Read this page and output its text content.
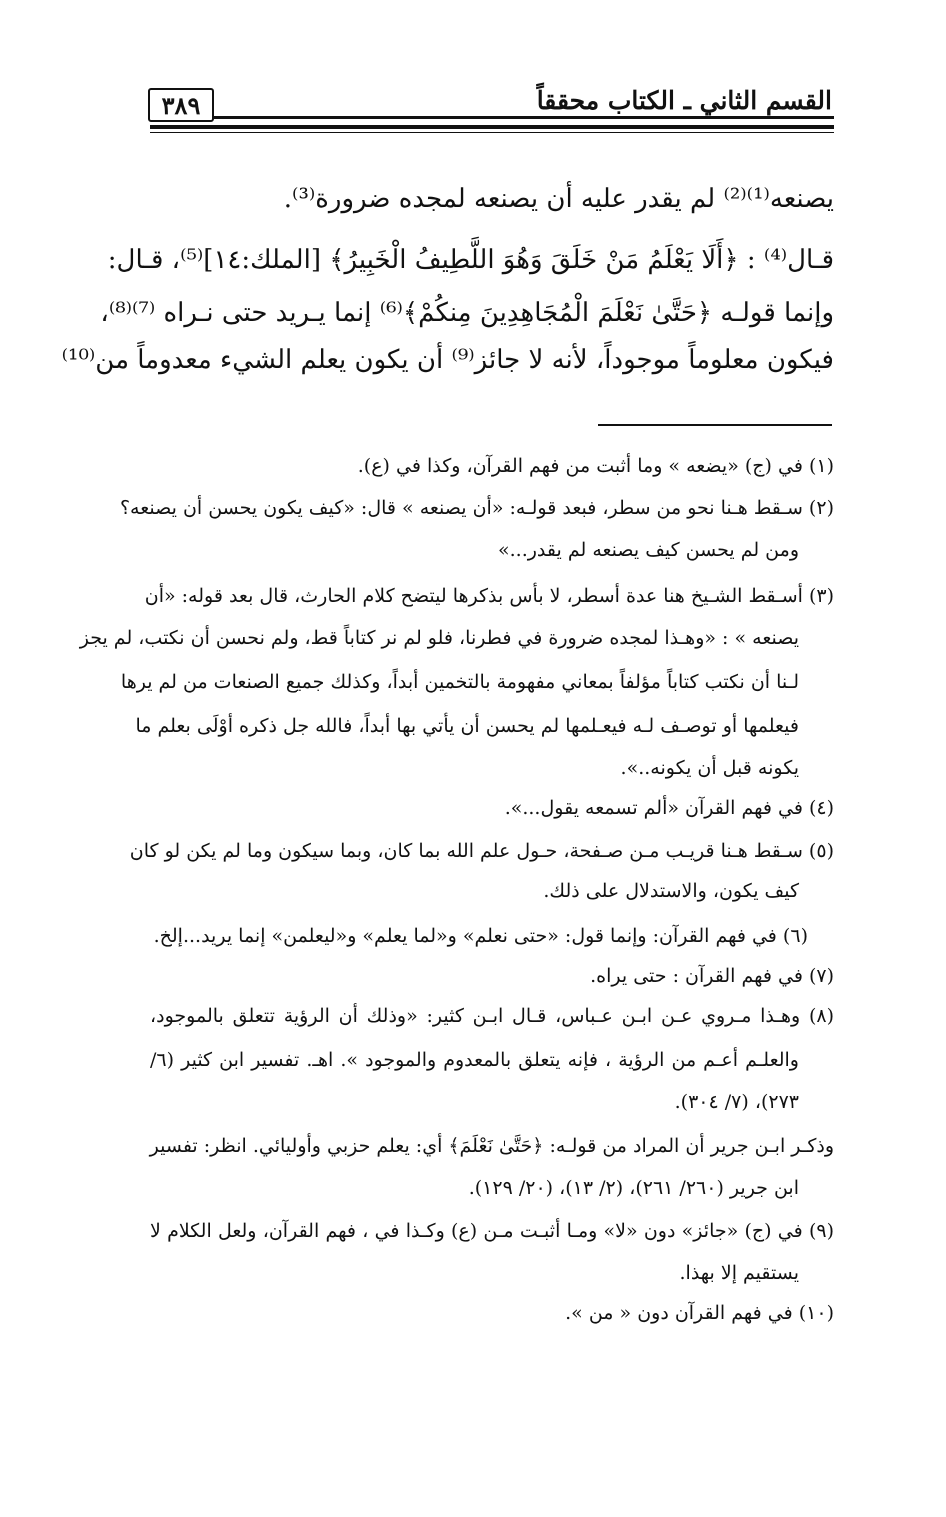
القسم الثاني ـ الكتاب محققاً
٣٨٩
يصنعه⁽¹⁾⁽²⁾ لم يقدر عليه أن يصنعه لمجده ضرورة⁽³⁾.
قـال⁽⁴⁾ : ﴿أَلَا يَعْلَمُ مَنْ خَلَقَ وَهُوَ اللَّطِيفُ الْخَبِيرُ﴾ [الملك:١٤]⁽⁵⁾، قـال:
وإنما قولـه ﴿حَتَّىٰ نَعْلَمَ الْمُجَاهِدِينَ مِنكُمْ﴾⁽⁶⁾ إنما يـريد حتى نـراه ⁽⁷⁾⁽⁸⁾،
فيكون معلوماً موجوداً، لأنه لا جائز⁽⁹⁾ أن يكون يعلم الشيء معدوماً من⁽¹⁰⁾
(١) في (ج) «يضعه » وما أثبت من فهم القرآن، وكذا في (ع).
(٢) سـقط هـنا نحو من سطر، فبعد قولـه: «أن يصنعه » قال: «كيف يكون يحسن أن يصنعه؟
ومن لم يحسن كيف يصنعه لم يقدر...»
(٣) أسـقط الشـيخ هنا عدة أسطر، لا بأس بذكرها ليتضح كلام الحارث، قال بعد قوله: «أن
يصنعه » : «وهـذا لمجده ضرورة في فطرنا، فلو لم نر كتاباً قط، ولم نحسن أن نكتب، لم يجز
لـنا أن نكتب كتاباً مؤلفاً بمعاني مفهومة بالتخمين أبداً، وكذلك جميع الصنعات من لم يرها
فيعلمها أو توصـف لـه فيعـلمها لم يحسن أن يأتي بها أبداً، فالله جل ذكره أوْلَى بعلم ما
يكونه قبل أن يكونه..».
(٤) في فهم القرآن «ألم تسمعه يقول...».
(٥) سـقط هـنا قريـب مـن صـفحة، حـول علم الله بما كان، وبما سيكون وما لم يكن لو كان
كيف يكون، والاستدلال على ذلك.
(٦) في فهم القرآن: وإنما قول: «حتى نعلم» و«لما يعلم» و«ليعلمن» إنما يريد...إلخ.
(٧) في فهم القرآن : حتى يراه.
(٨) وهـذا مـروي عـن ابـن عـباس، قـال ابـن كثير: «وذلك أن الرؤية تتعلق بالموجود،
والعلـم أعـم من الرؤية ، فإنه يتعلق بالمعدوم والموجود ». اهـ. تفسير ابن كثير (٦/
٢٧٣)، (٧/ ٣٠٤).
وذكـر ابـن جرير أن المراد من قولـه: ﴿حَتَّىٰ نَعْلَمَ﴾ أي: يعلم حزبي وأوليائي. انظر: تفسير
ابن جرير (٢٦٠/ ٢٦١)، (٢/ ١٣)، (٢٠/ ١٢٩).
(٩) في (ج) «جائز» دون «لا» ومـا أثبـت مـن (ع) وكـذا في ، فهم القرآن، ولعل الكلام لا
يستقيم إلا بهذا.
(١٠) في فهم القرآن دون « من ».
